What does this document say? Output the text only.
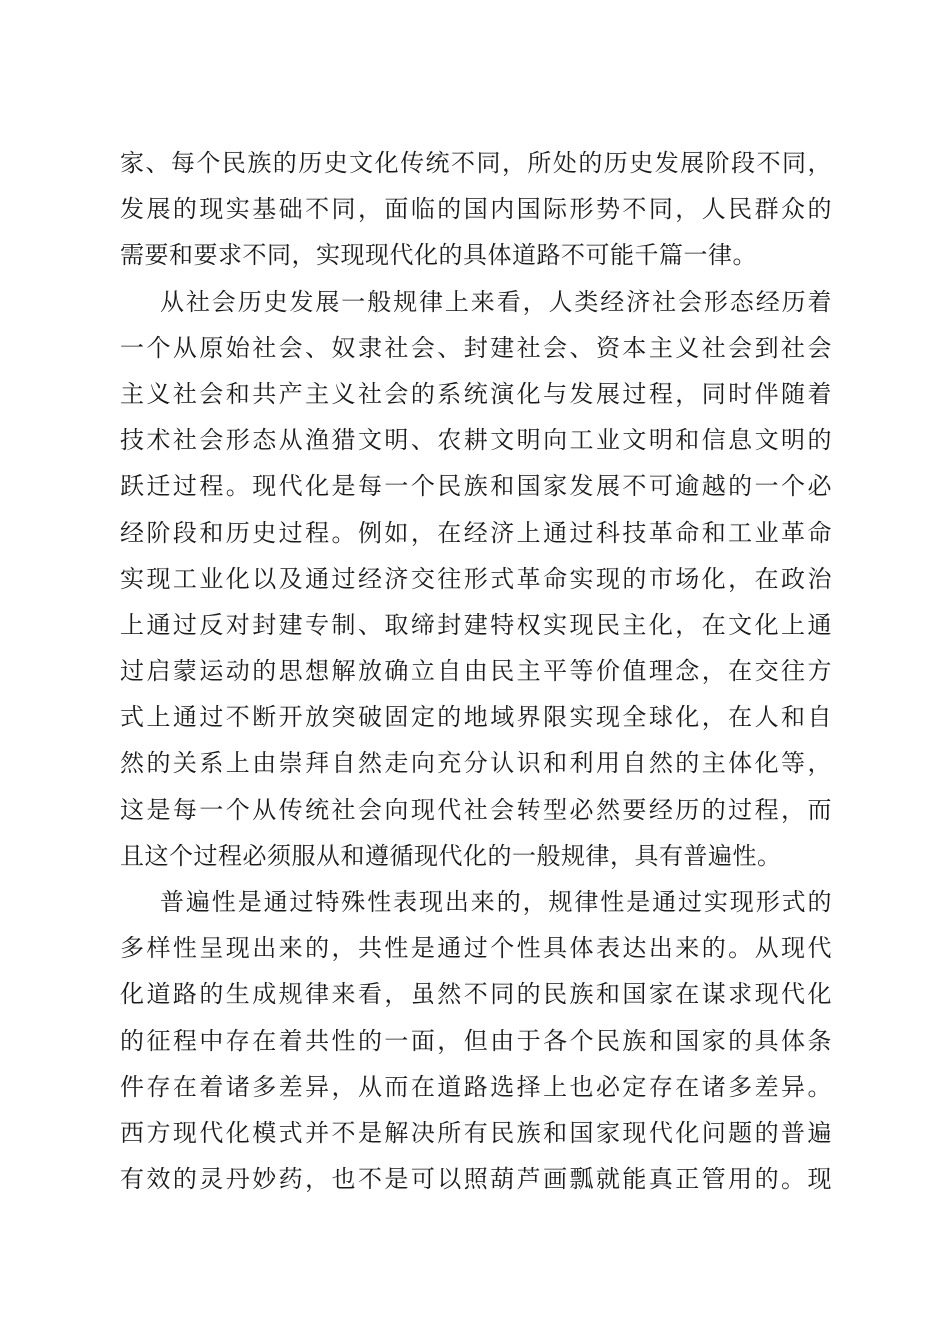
家、每个民族的历史文化传统不同，所处的历史发展阶段不同，
发展的现实基础不同，面临的国内国际形势不同，人民群众的
需要和要求不同，实现现代化的具体道路不可能千篇一律。
从社会历史发展一般规律上来看，人类经济社会形态经历着
一个从原始社会、奴隶社会、封建社会、资本主义社会到社会
主义社会和共产主义社会的系统演化与发展过程，同时伴随着
技术社会形态从渔猎文明、农耕文明向工业文明和信息文明的
跃迁过程。现代化是每一个民族和国家发展不可逾越的一个必
经阶段和历史过程。例如，在经济上通过科技革命和工业革命
实现工业化以及通过经济交往形式革命实现的市场化，在政治
上通过反对封建专制、取缔封建特权实现民主化，在文化上通
过启蒙运动的思想解放确立自由民主平等价值理念，在交往方
式上通过不断开放突破固定的地域界限实现全球化，在人和自
然的关系上由崇拜自然走向充分认识和利用自然的主体化等，
这是每一个从传统社会向现代社会转型必然要经历的过程，而
且这个过程必须服从和遵循现代化的一般规律，具有普遍性。
普遍性是通过特殊性表现出来的，规律性是通过实现形式的
多样性呈现出来的，共性是通过个性具体表达出来的。从现代
化道路的生成规律来看，虽然不同的民族和国家在谋求现代化
的征程中存在着共性的一面，但由于各个民族和国家的具体条
件存在着诸多差异，从而在道路选择上也必定存在诸多差异。
西方现代化模式并不是解决所有民族和国家现代化问题的普遍
有效的灵丹妙药，也不是可以照葫芦画瓢就能真正管用的。现
